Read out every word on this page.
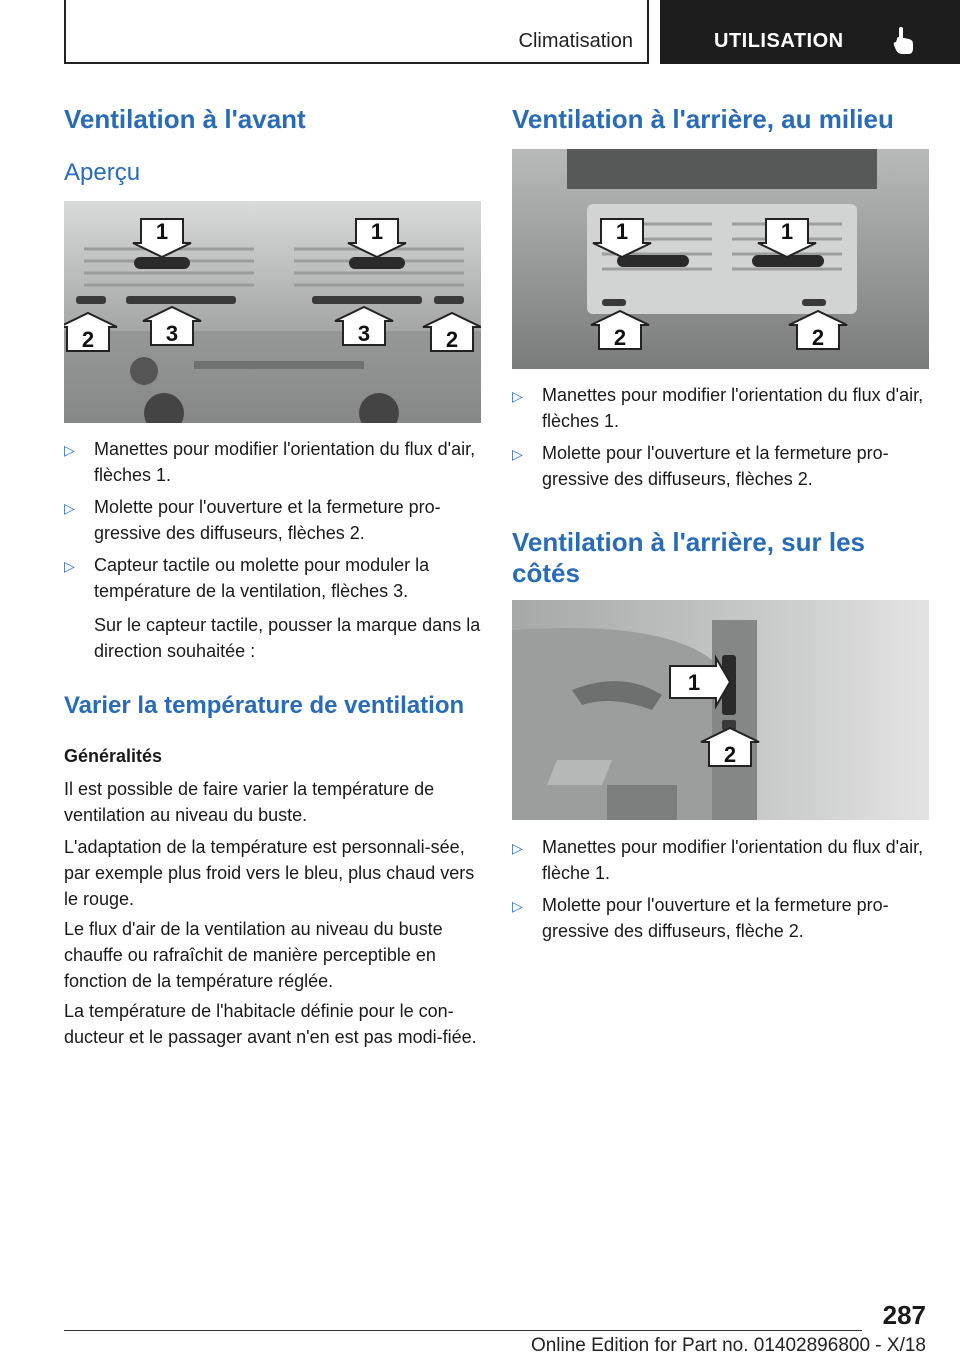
Climatisation	UTILISATION
Ventilation à l'avant
Aperçu
1	1
2	3	3	2
▷ Manettes pour modifier l'orientation du flux d'air, flèches 1.
▷ Molette pour l'ouverture et la fermeture pro-gressive des diffuseurs, flèches 2.
▷ Capteur tactile ou molette pour moduler la température de la ventilation, flèches 3.
Sur le capteur tactile, pousser la marque dans la direction souhaitée :
Varier la température de ventilation
Généralités

Il est possible de faire varier la température de ventilation au niveau du buste.

L'adaptation de la température est personnali-sée, par exemple plus froid vers le bleu, plus chaud vers le rouge.

Le flux d'air de la ventilation au niveau du buste chauffe ou rafraîchit de manière perceptible en fonction de la température réglée.

La température de l'habitacle définie pour le con-ducteur et le passager avant n'en est pas modi-fiée.

Ventilation à l'arrière, au milieu
1	1
2	2
▷ Manettes pour modifier l'orientation du flux d'air, flèches 1.
▷ Molette pour l'ouverture et la fermeture pro-gressive des diffuseurs, flèches 2.
Ventilation à l'arrière, sur les côtés
1
2
▷ Manettes pour modifier l'orientation du flux d'air, flèche 1.
▷ Molette pour l'ouverture et la fermeture pro-gressive des diffuseurs, flèche 2.
287
Online Edition for Part no. 01402896800 - X/18
